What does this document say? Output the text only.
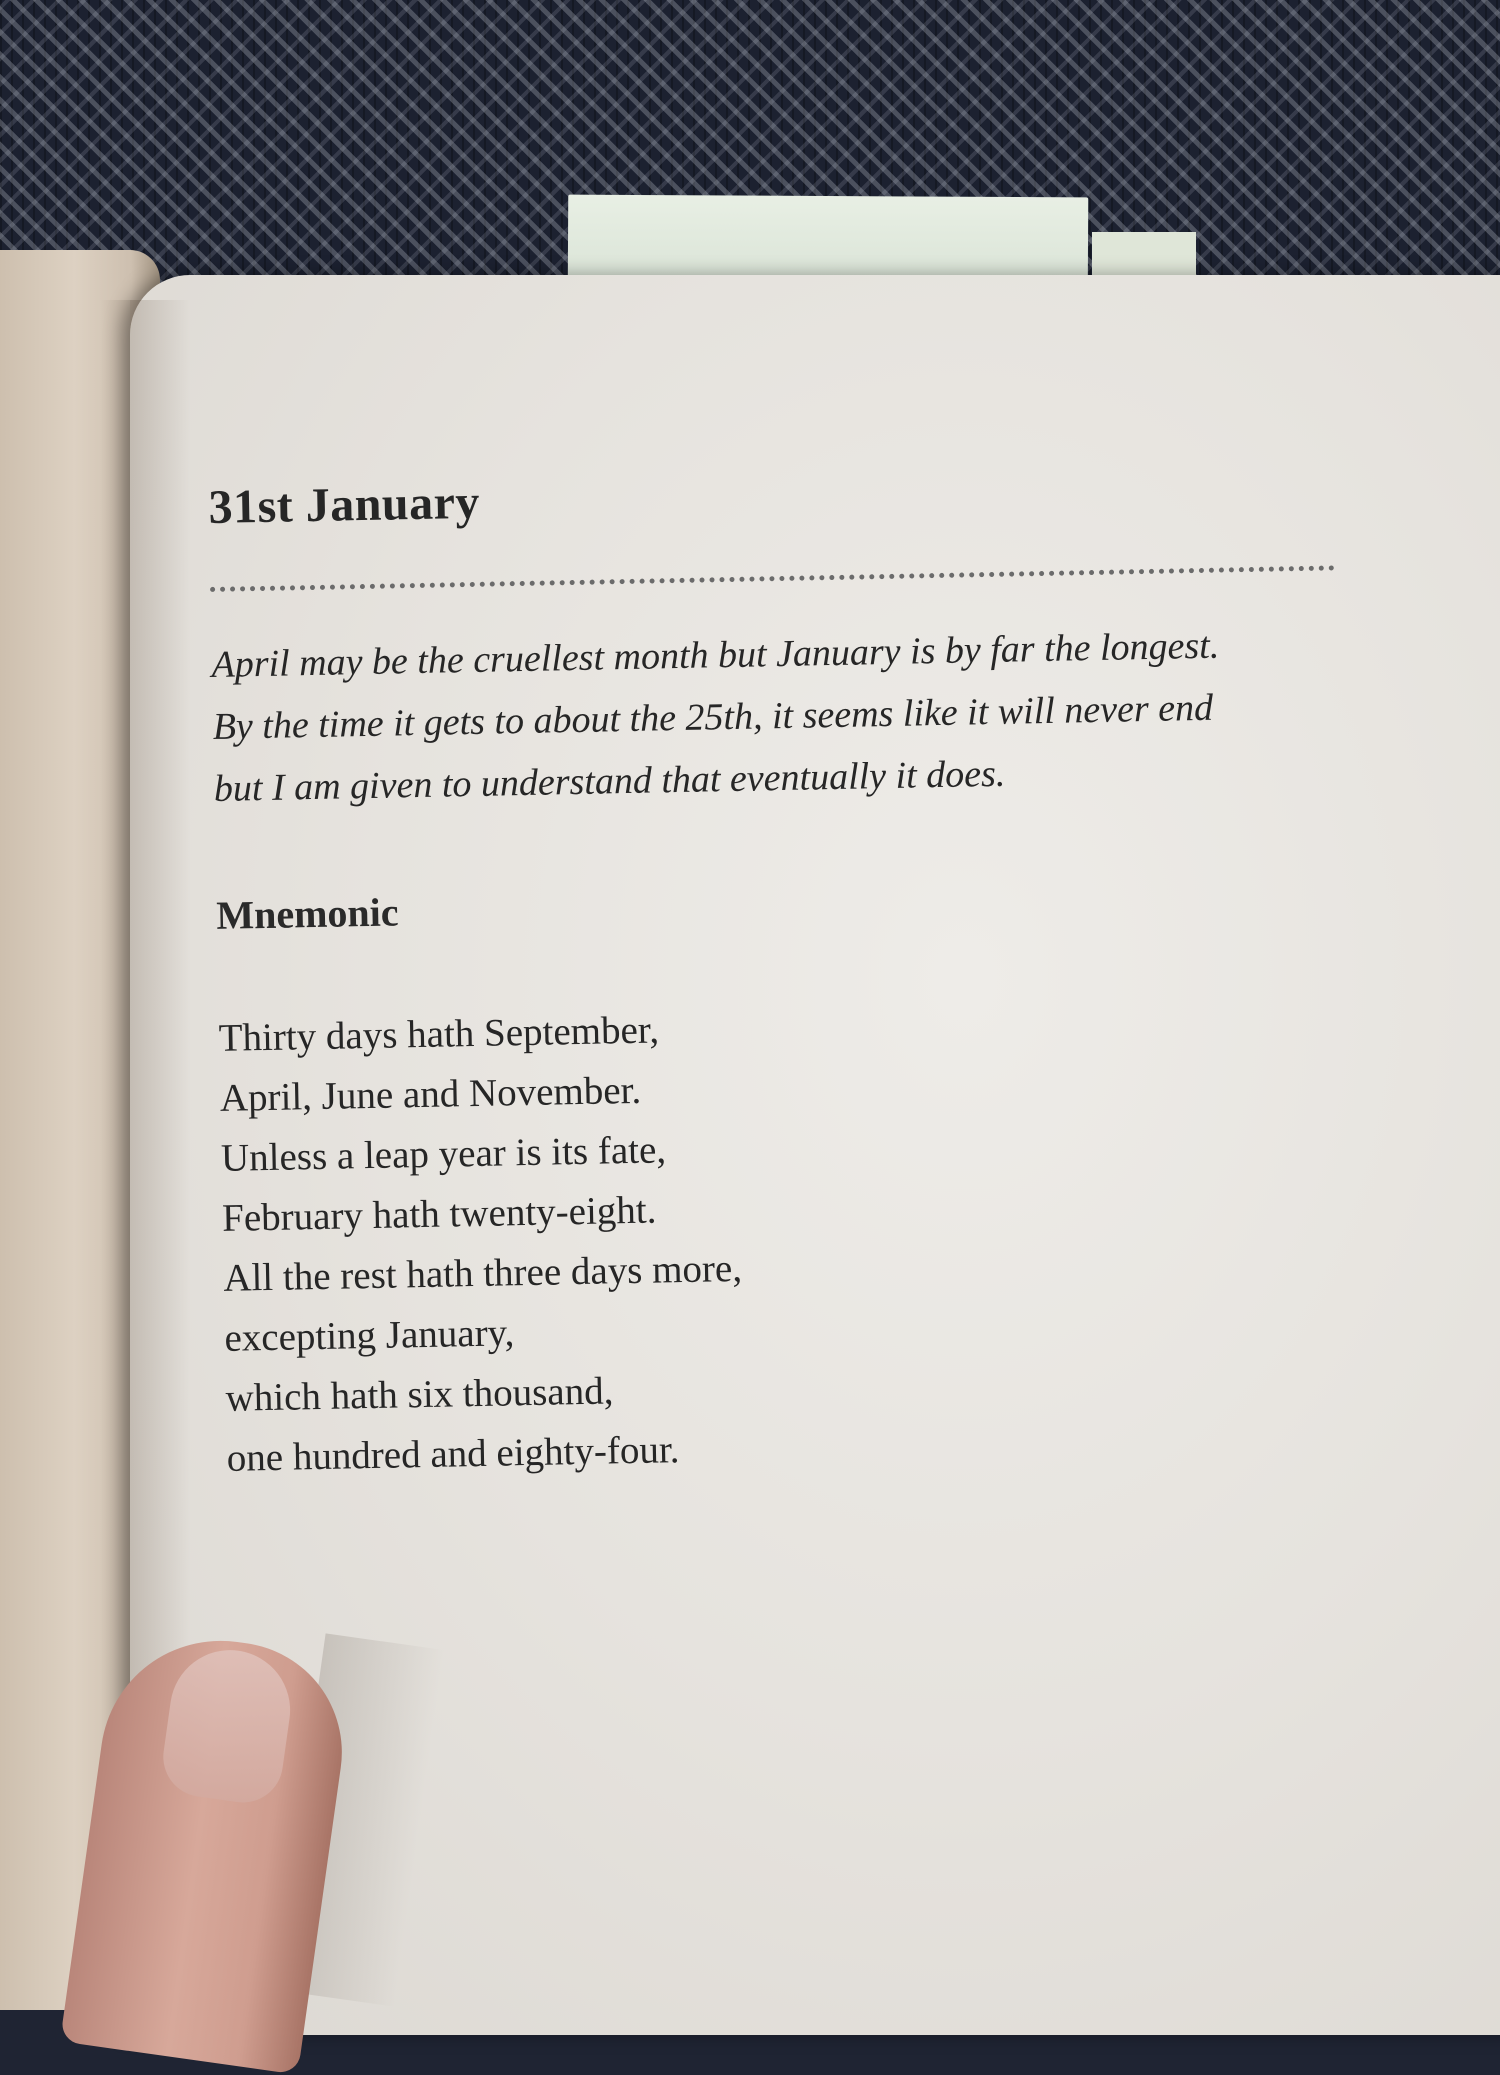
31st January
April may be the cruellest month but January is by far the longest.
By the time it gets to about the 25th, it seems like it will never end
but I am given to understand that eventually it does.
Mnemonic
Thirty days hath September,
April, June and November.
Unless a leap year is its fate,
February hath twenty-eight.
All the rest hath three days more,
excepting January,
which hath six thousand,
one hundred and eighty-four.
